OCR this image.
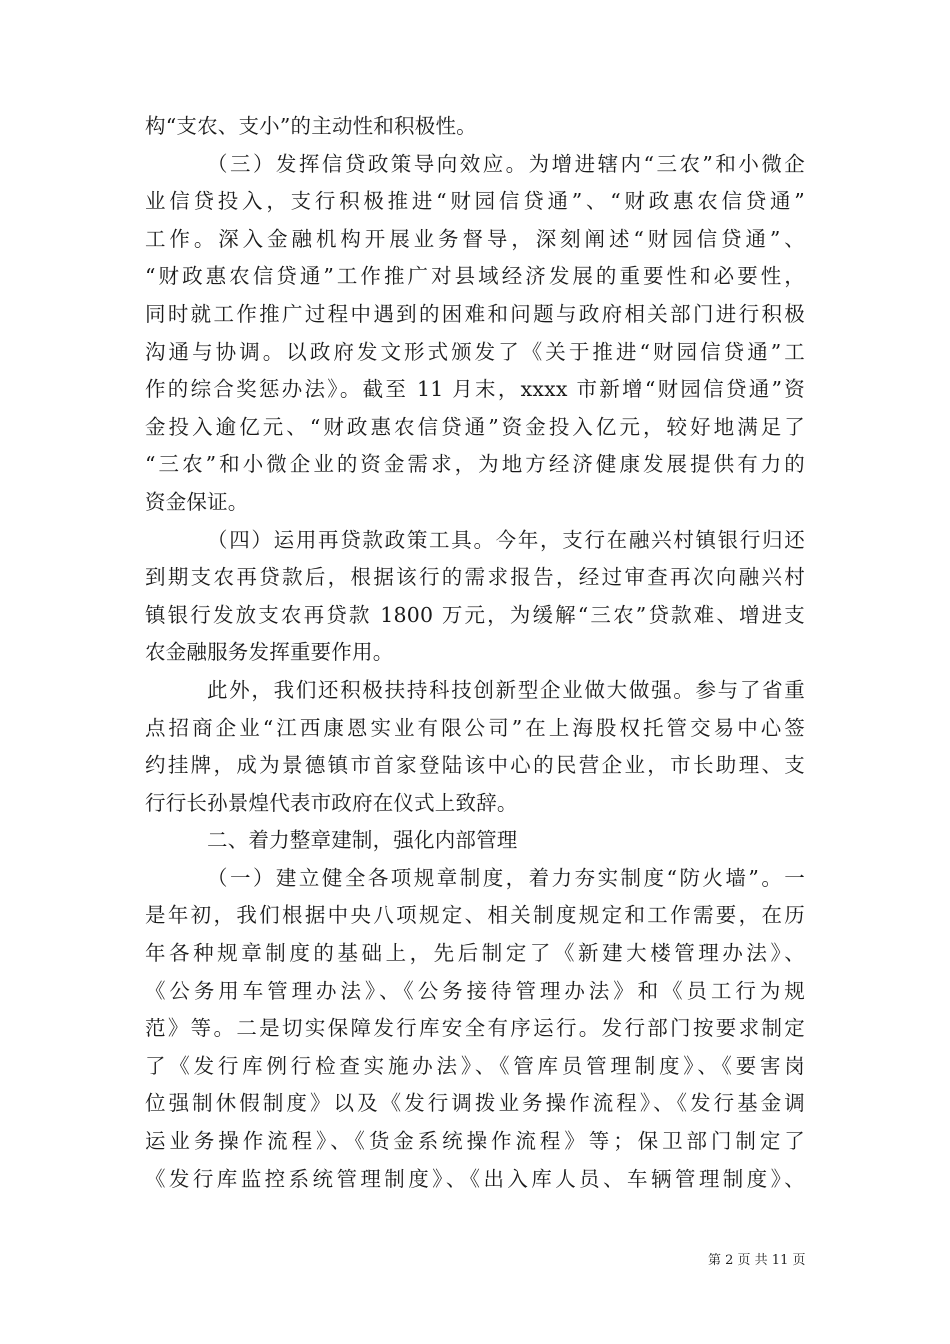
构“支农、支小”的主动性和积极性。
（三）发挥信贷政策导向效应。为增进辖内“三农”和小微企
业信贷投入，支行积极推进“财园信贷通”、“财政惠农信贷通”
工作。深入金融机构开展业务督导，深刻阐述“财园信贷通”、
“财政惠农信贷通”工作推广对县域经济发展的重要性和必要性，
同时就工作推广过程中遇到的困难和问题与政府相关部门进行积极
沟通与协调。以政府发文形式颁发了《关于推进“财园信贷通”工
作的综合奖惩办法》。截至 11 月末，xxxx 市新增“财园信贷通”资
金投入逾亿元、“财政惠农信贷通”资金投入亿元，较好地满足了
“三农”和小微企业的资金需求，为地方经济健康发展提供有力的
资金保证。
（四）运用再贷款政策工具。今年，支行在融兴村镇银行归还
到期支农再贷款后，根据该行的需求报告，经过审查再次向融兴村
镇银行发放支农再贷款 1800 万元，为缓解“三农”贷款难、增进支
农金融服务发挥重要作用。
此外，我们还积极扶持科技创新型企业做大做强。参与了省重
点招商企业“江西康恩实业有限公司”在上海股权托管交易中心签
约挂牌，成为景德镇市首家登陆该中心的民营企业，市长助理、支
行行长孙景煌代表市政府在仪式上致辞。
二、着力整章建制，强化内部管理
（一）建立健全各项规章制度，着力夯实制度“防火墙”。一
是年初，我们根据中央八项规定、相关制度规定和工作需要，在历
年各种规章制度的基础上，先后制定了《新建大楼管理办法》、
《公务用车管理办法》、《公务接待管理办法》和《员工行为规
范》等。二是切实保障发行库安全有序运行。发行部门按要求制定
了《发行库例行检查实施办法》、《管库员管理制度》、《要害岗
位强制休假制度》以及《发行调拨业务操作流程》、《发行基金调
运业务操作流程》、《货金系统操作流程》等；保卫部门制定了
《发行库监控系统管理制度》、《出入库人员、车辆管理制度》、
第 2 页 共 11 页
